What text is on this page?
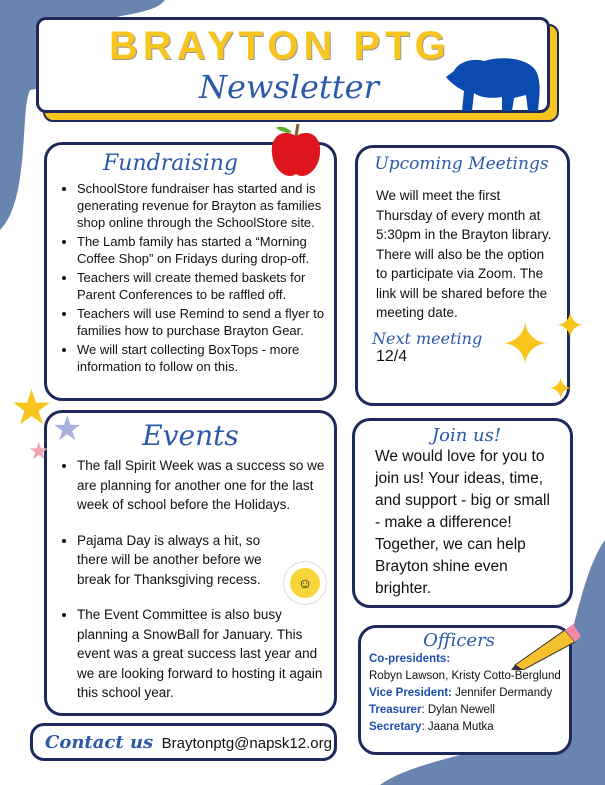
BRAYTON PTG
Newsletter
Fundraising
• SchoolStore fundraiser has started and is generating revenue for Brayton as families shop online through the SchoolStore site.
• The Lamb family has started a “Morning Coffee Shop” on Fridays during drop-off.
• Teachers will create themed baskets for Parent Conferences to be raffled off.
• Teachers will use Remind to send a flyer to families how to purchase Brayton Gear.
• We will start collecting BoxTops - more information to follow on this.
Upcoming Meetings
We will meet the first Thursday of every month at 5:30pm in the Brayton library.
There will also be the option to participate via Zoom. The link will be shared before the meeting date.
Next meeting
12/4	✦ ✦
✦
Events
• The fall Spirit Week was a success so we are planning for another one for the last week of school before the Holidays.
• Pajama Day is always a hit, so there will be another before we break for Thanksgiving recess.
• The Event Committee is also busy planning a SnowBall for January. This event was a great success last year and we are looking forward to hosting it again this school year.
★
★
★
☺
Join us!
We would love for you to join us! Your ideas, time, and support - big or small - make a difference! Together, we can help Brayton shine even brighter.
Officers
Co-presidents:
Robyn Lawson, Kristy Cotto-Berglund
Vice President: Jennifer Dermandy
Treasurer: Dylan Newell
Secretary: Jaana Mutka
Contact us Braytonptg@napsk12.org
